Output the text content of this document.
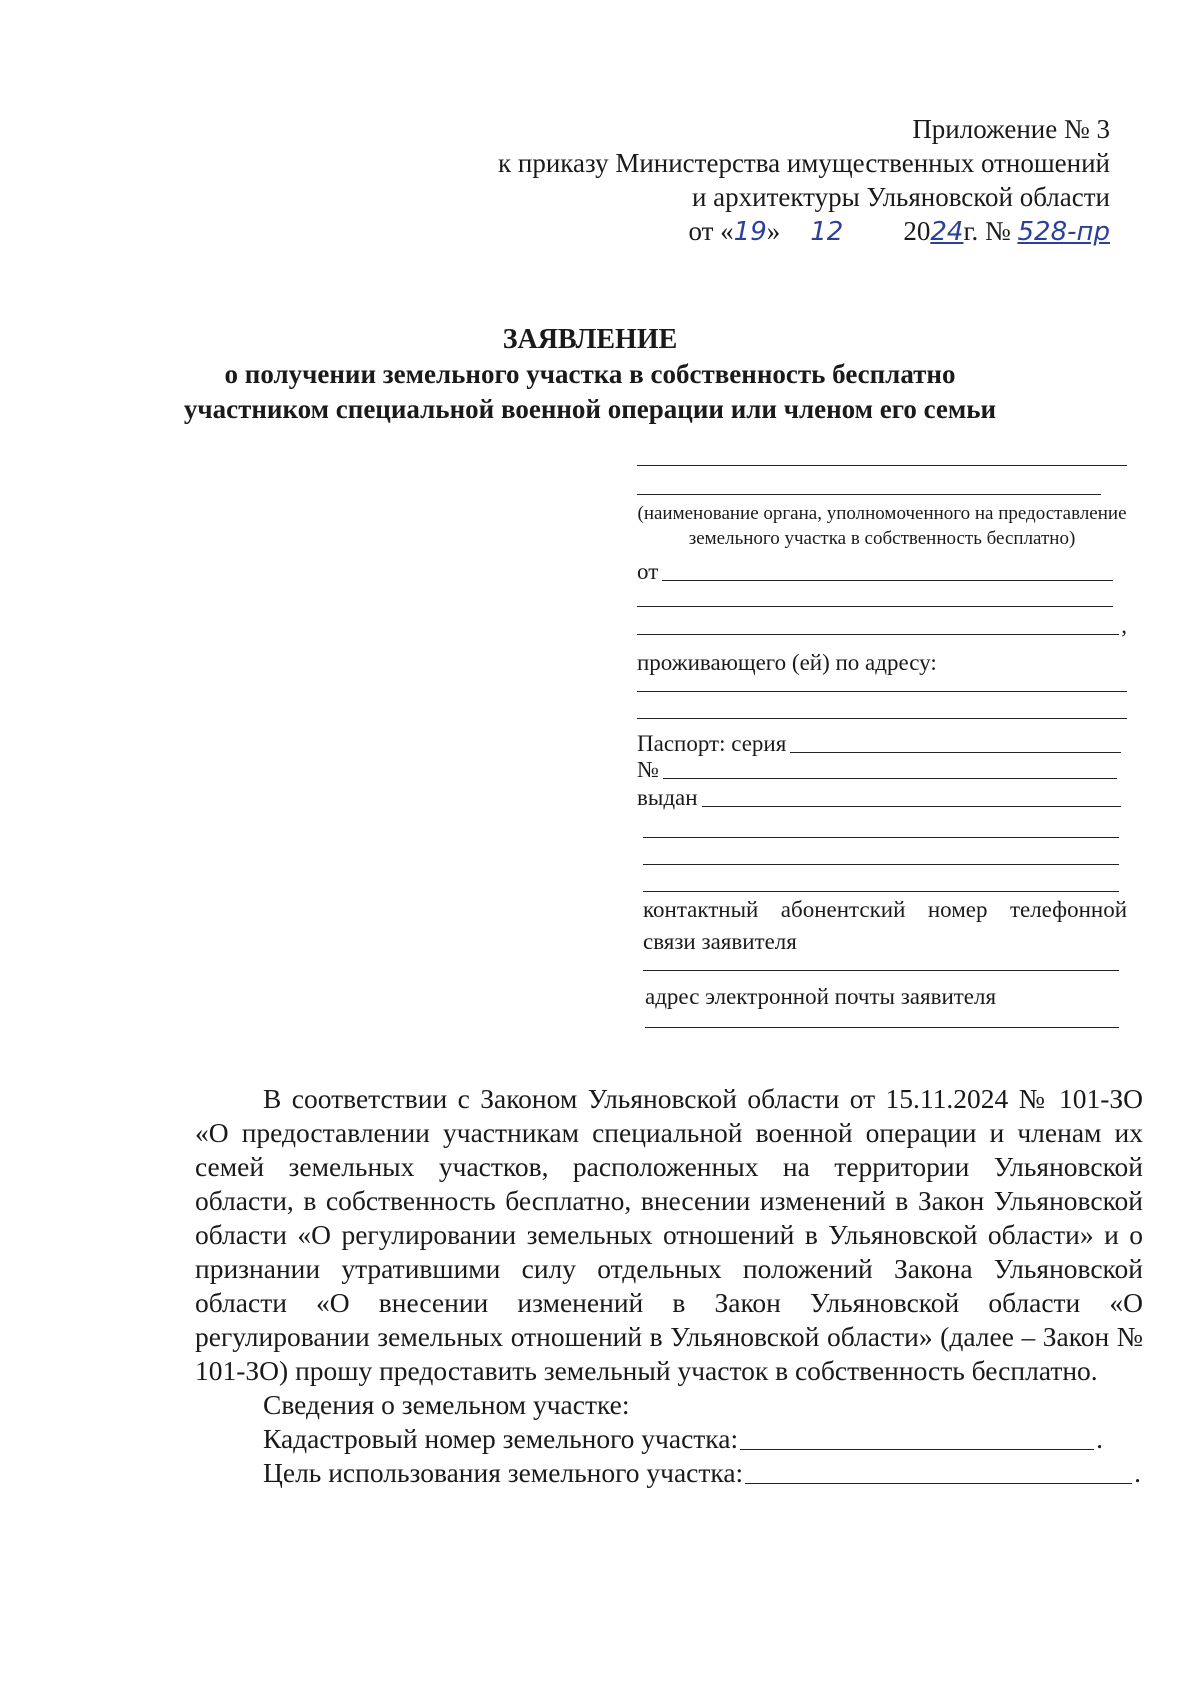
Приложение № 3
к приказу Министерства имущественных отношений
и архитектуры Ульяновской области
от «19» 12 2024г. № 528-пр
ЗАЯВЛЕНИЕ
о получении земельного участка в собственность бесплатно
участником специальной военной операции или членом его семьи
(наименование органа, уполномоченного на предоставление земельного участка в собственность бесплатно)
от
,
проживающего (ей) по адресу:
Паспорт: серия
№
выдан
контактный абонентский номер телефонной связи заявителя
адрес электронной почты заявителя

В соответствии с Законом Ульяновской области от 15.11.2024 № 101-ЗО «О предоставлении участникам специальной военной операции и членам их семей земельных участков, расположенных на территории Ульяновской области, в собственность бесплатно, внесении изменений в Закон Ульяновской области «О регулировании земельных отношений в Ульяновской области» и о признании утратившими силу отдельных положений Закона Ульяновской области «О внесении изменений в Закон Ульяновской области «О регулировании земельных отношений в Ульяновской области» (далее – Закон № 101-ЗО) прошу предоставить земельный участок в собственность бесплатно.

Сведения о земельном участке:
Кадастровый номер земельного участка:	.
Цель использования земельного участка:	.
